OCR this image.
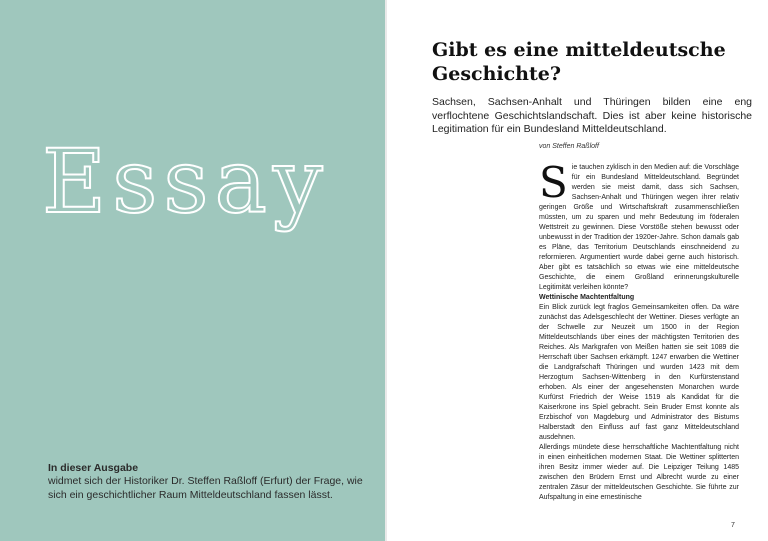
Essay
In dieser Ausgabe
widmet sich der Historiker Dr. Steffen Raßloff (Erfurt) der Frage, wie sich ein geschichtlicher Raum Mitteldeutschland fassen lässt.
Gibt es eine mitteldeutsche Geschichte?

Sachsen, Sachsen-Anhalt und Thüringen bilden eine eng verflochtene Geschichtslandschaft. Dies ist aber keine historische Legitimation für ein Bundesland Mitteldeutschland.

von Steffen Raßloff

Sie tauchen zyklisch in den Medien auf: die Vorschläge für ein Bundesland Mitteldeutschland. Begründet werden sie meist damit, dass sich Sachsen, Sachsen-Anhalt und Thüringen wegen ihrer relativ geringen Größe und Wirtschaftskraft zusammenschließen müssten, um zu sparen und mehr Bedeutung im föderalen Wettstreit zu gewinnen. Diese Vorstöße stehen bewusst oder unbewusst in der Tradition der 1920er-Jahre. Schon damals gab es Pläne, das Territorium Deutschlands einschneidend zu reformieren. Argumentiert wurde dabei gerne auch historisch. Aber gibt es tatsächlich so etwas wie eine mitteldeutsche Geschichte, die einem Großland erinnerungskulturelle Legitimität verleihen könnte?

Wettinische Machtentfaltung

Ein Blick zurück legt fraglos Gemeinsamkeiten offen. Da wäre zunächst das Adelsgeschlecht der Wettiner. Dieses verfügte an der Schwelle zur Neuzeit um 1500 in der Region Mitteldeutschlands über eines der mächtigsten Territorien des Reiches. Als Markgrafen von Meißen hatten sie seit 1089 die Herrschaft über Sachsen erkämpft. 1247 erwarben die Wettiner die Landgrafschaft Thüringen und wurden 1423 mit dem Herzogtum Sachsen-Wittenberg in den Kurfürstenstand erhoben. Als einer der angesehensten Monarchen wurde Kurfürst Friedrich der Weise 1519 als Kandidat für die Kaiserkrone ins Spiel gebracht. Sein Bruder Ernst konnte als Erzbischof von Magdeburg und Administrator des Bistums Halberstadt den Einfluss auf fast ganz Mitteldeutschland ausdehnen.

Allerdings mündete diese herrschaftliche Machtentfaltung nicht in einen einheitlichen modernen Staat. Die Wettiner splitterten ihren Besitz immer wieder auf. Die Leipziger Teilung 1485 zwischen den Brüdern Ernst und Albrecht wurde zu einer zentralen Zäsur der mitteldeutschen Geschichte. Sie führte zur Aufspaltung in eine ernestinische

7
